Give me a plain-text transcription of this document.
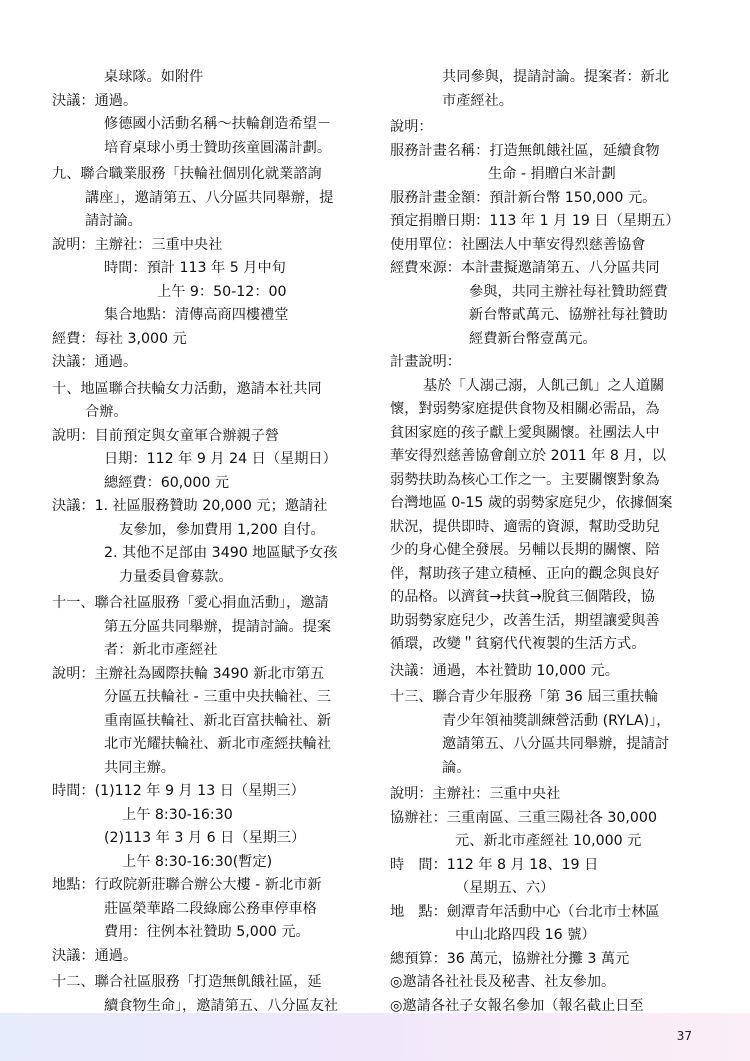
桌球隊。如附件
決議：通過。
修德國小活動名稱～扶輪創造希望－
培育桌球小勇士贊助孩童圓滿計劃。
九、聯合職業服務「扶輪社個別化就業諮詢
講座」，邀請第五、八分區共同舉辦，提
請討論。
說明：主辦社：三重中央社
時間：預計 113 年 5 月中旬
上午 9：50-12：00
集合地點：清傳高商四樓禮堂
經費：每社 3,000 元
決議：通過。
十、地區聯合扶輪女力活動，邀請本社共同
合辦。
說明：目前預定與女童軍合辦親子營
日期：112 年 9 月 24 日（星期日）
總經費：60,000 元
決議：1. 社區服務贊助 20,000 元；邀請社
友參加，參加費用 1,200 自付。
2. 其他不足部由 3490 地區賦予女孩
力量委員會募款。
十一、聯合社區服務「愛心捐血活動」，邀請
第五分區共同舉辦，提請討論。提案
者：新北市產經社
說明：主辦社為國際扶輪 3490 新北市第五
分區五扶輪社 - 三重中央扶輪社、三
重南區扶輪社、新北百富扶輪社、新
北市光耀扶輪社、新北市產經扶輪社
共同主辦。
時間：(1)112 年 9 月 13 日（星期三）
上午 8:30-16:30
(2)113 年 3 月 6 日（星期三）
上午 8:30-16:30(暫定)
地點：行政院新莊聯合辦公大樓 - 新北市新
莊區榮華路二段綠廊公務車停車格
費用：往例本社贊助 5,000 元。
決議：通過。
十二、聯合社區服務「打造無飢餓社區，延
續食物生命」，邀請第五、八分區友社
共同參與，提請討論。提案者：新北
市產經社。
說明：
服務計畫名稱：打造無飢餓社區，延續食物
生命 - 捐贈白米計劃
服務計畫金額：預計新台幣 150,000 元。
預定捐贈日期：113 年 1 月 19 日（星期五）
使用單位：社團法人中華安得烈慈善協會
經費來源：本計畫擬邀請第五、八分區共同
參與，共同主辦社每社贊助經費
新台幣貳萬元、協辦社每社贊助
經費新台幣壹萬元。
計畫說明：
基於「人溺己溺，人飢己飢」之人道關
懷，對弱勢家庭提供食物及相關必需品，為
貧困家庭的孩子獻上愛與關懷。社團法人中
華安得烈慈善協會創立於 2011 年 8 月，以
弱勢扶助為核心工作之一。主要關懷對象為
台灣地區 0-15 歲的弱勢家庭兒少，依據個案
狀況，提供即時、適需的資源，幫助受助兒
少的身心健全發展。另輔以長期的關懷、陪
伴，幫助孩子建立積極、正向的觀念與良好
的品格。以濟貧→扶貧→脫貧三個階段，協
助弱勢家庭兒少，改善生活，期望讓愛與善
循環，改變＂貧窮代代複製的生活方式。
決議：通過，本社贊助 10,000 元。
十三、聯合青少年服務「第 36 屆三重扶輪
青少年領袖獎訓練營活動 (RYLA)」，
邀請第五、八分區共同舉辦，提請討
論。
說明：主辦社：三重中央社
協辦社：三重南區、三重三陽社各 30,000
元、新北市產經社 10,000 元
時　間：112 年 8 月 18、19 日
（星期五、六）
地　點：劍潭青年活動中心（台北市士林區
中山北路四段 16 號）
總預算：36 萬元，協辦社分攤 3 萬元
◎邀請各社社長及秘書、社友參加。
◎邀請各社子女報名參加（報名截止日至
37
